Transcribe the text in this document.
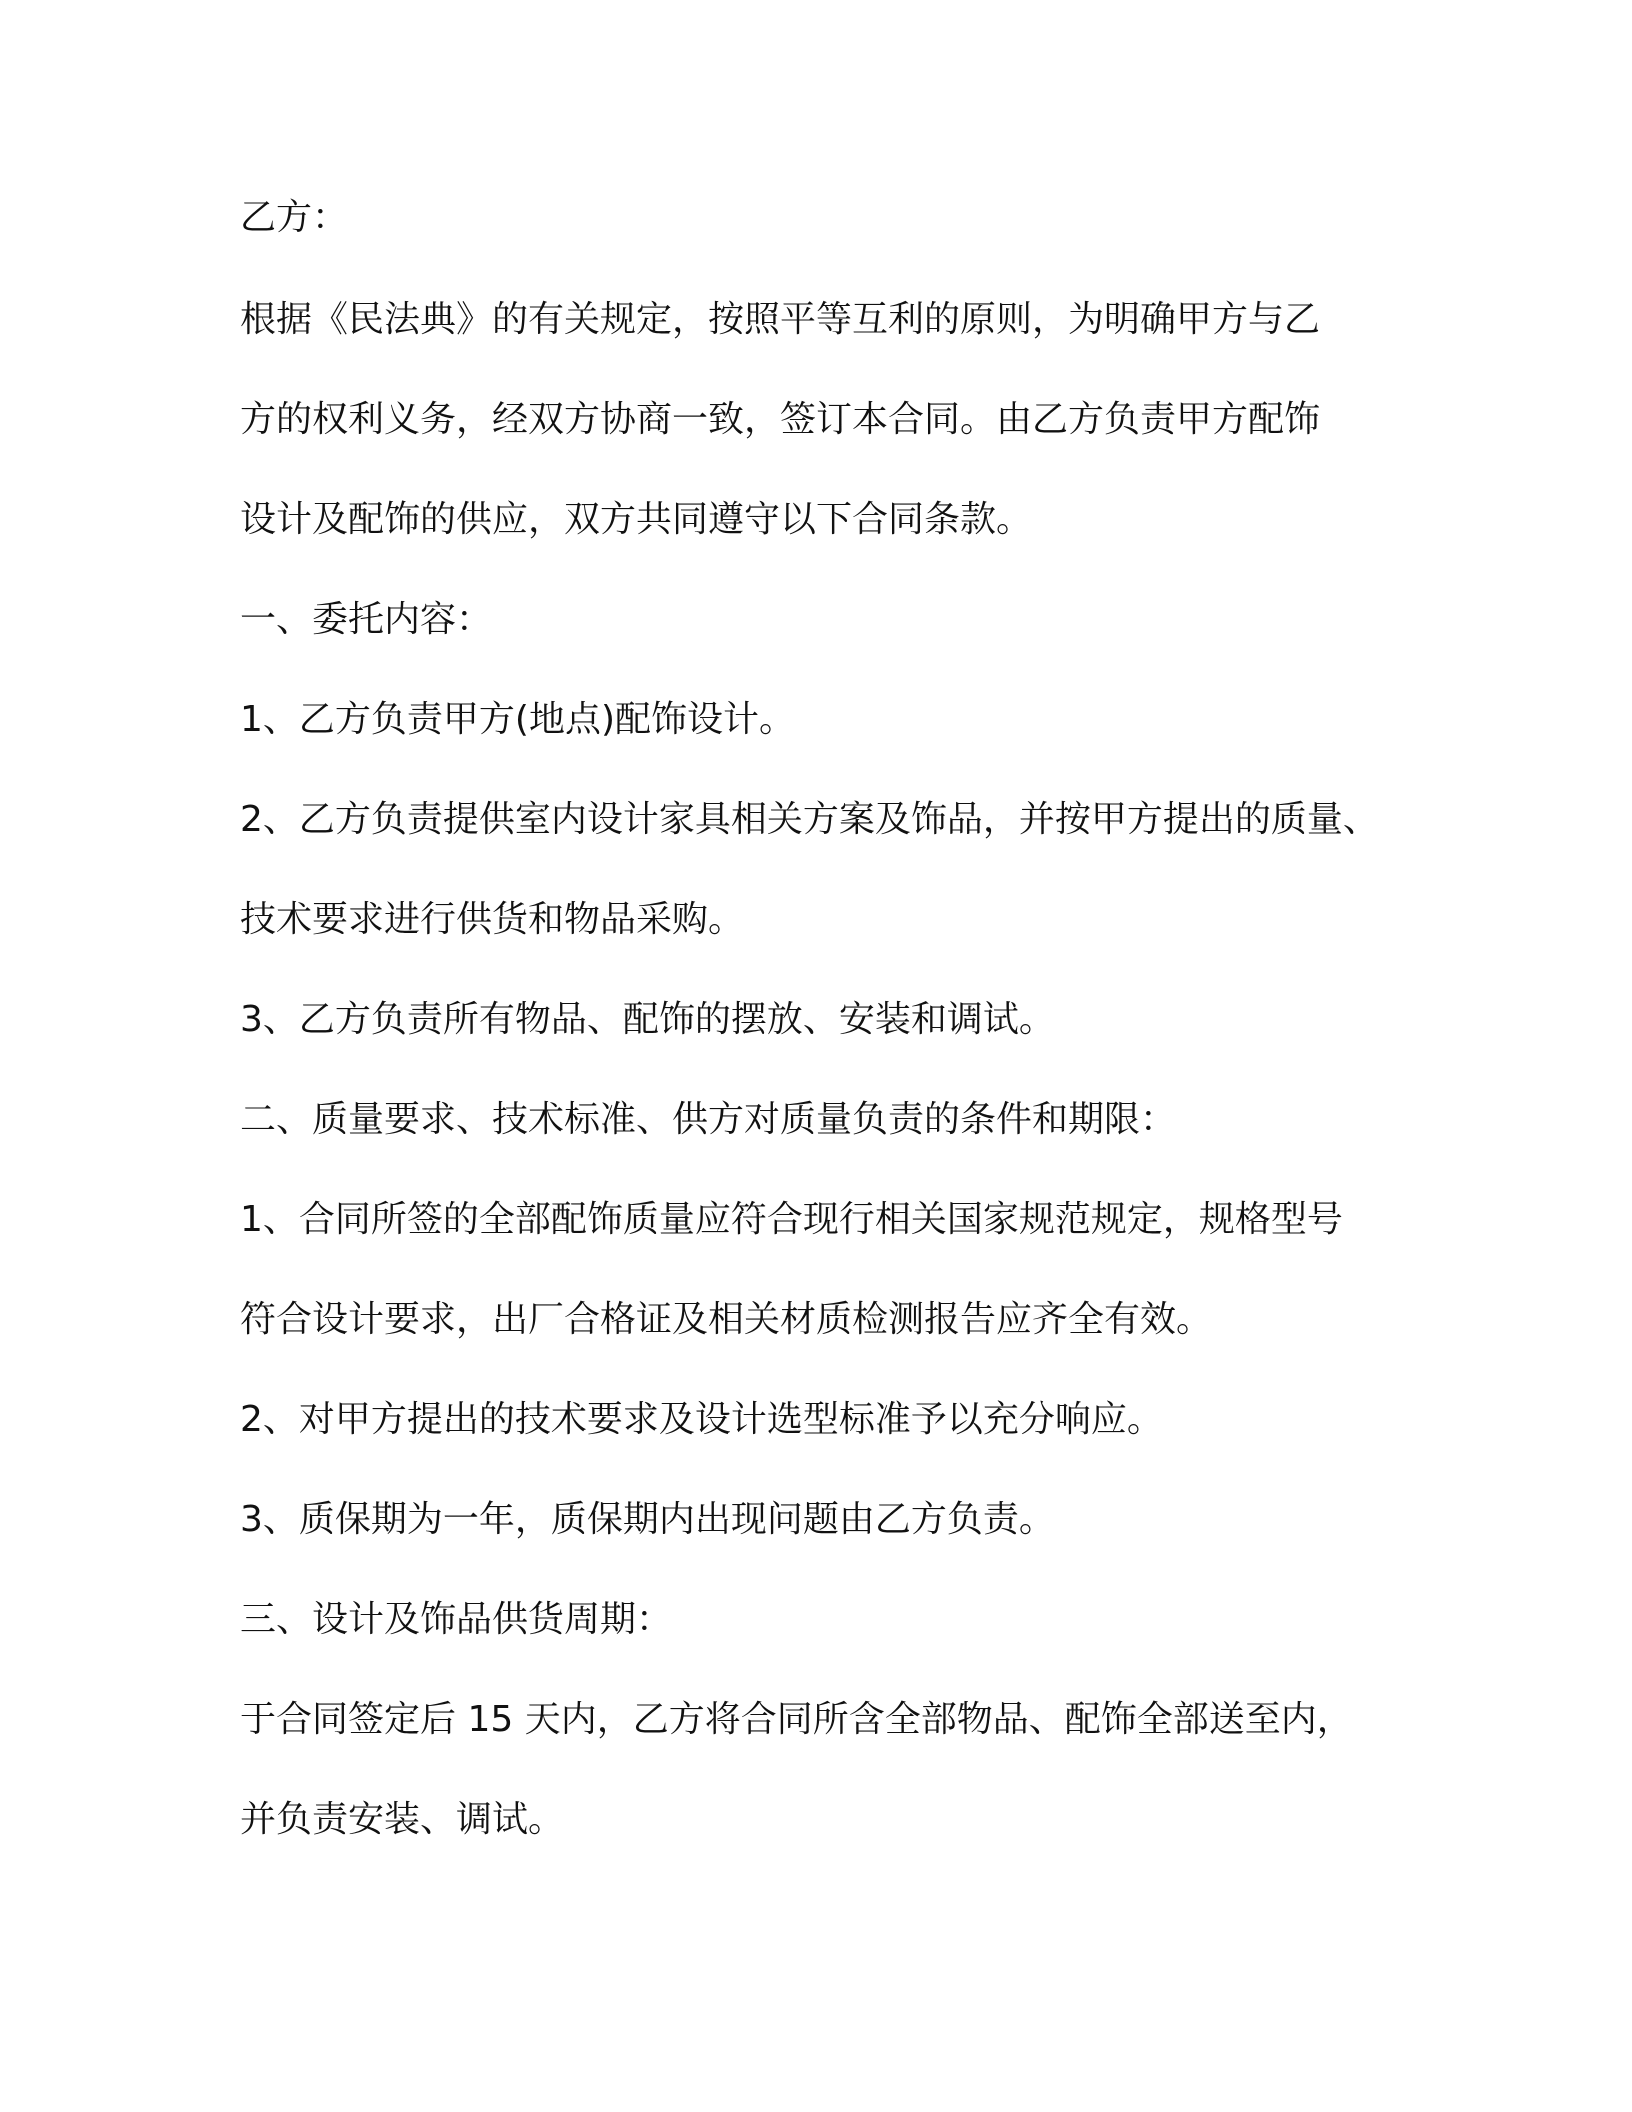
乙方：

根据《民法典》的有关规定，按照平等互利的原则，为明确甲方与乙

方的权利义务，经双方协商一致，签订本合同。由乙方负责甲方配饰

设计及配饰的供应，双方共同遵守以下合同条款。

一、委托内容：

1、乙方负责甲方(地点)配饰设计。

2、乙方负责提供室内设计家具相关方案及饰品，并按甲方提出的质量、

技术要求进行供货和物品采购。

3、乙方负责所有物品、配饰的摆放、安装和调试。

二、质量要求、技术标准、供方对质量负责的条件和期限：

1、合同所签的全部配饰质量应符合现行相关国家规范规定，规格型号

符合设计要求，出厂合格证及相关材质检测报告应齐全有效。

2、对甲方提出的技术要求及设计选型标准予以充分响应。

3、质保期为一年，质保期内出现问题由乙方负责。

三、设计及饰品供货周期：

于合同签定后 15 天内，乙方将合同所含全部物品、配饰全部送至内，

并负责安装、调试。
